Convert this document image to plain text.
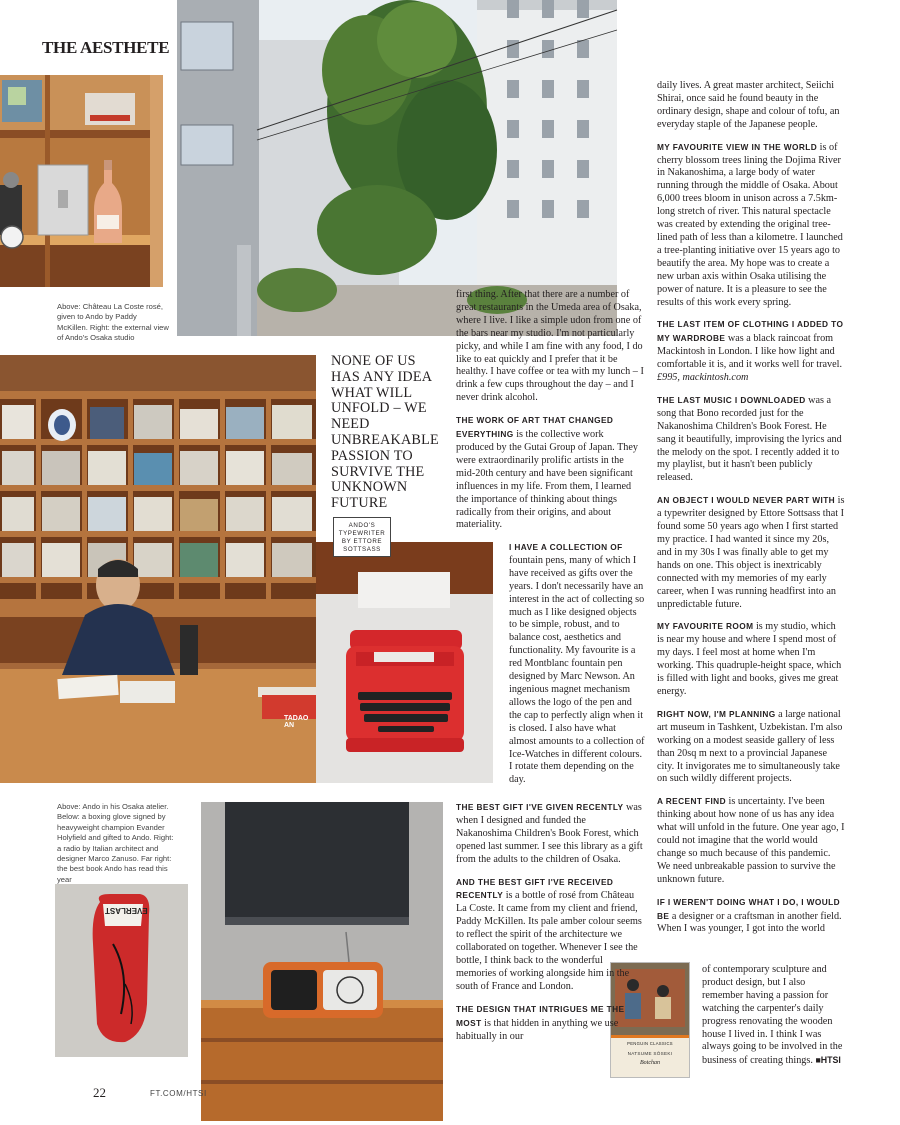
THE AESTHETE
Above: Château La Coste rosé, given to Ando by Paddy McKillen. Right: the external view of Ando's Osaka studio
TADAO AN
NONE OF US HAS ANY IDEA WHAT WILL UNFOLD – WE NEED UNBREAKABLE PASSION TO SURVIVE THE UNKNOWN FUTURE
ANDO'S TYPEWRITER BY ETTORE SOTTSASS
Above: Ando in his Osaka atelier. Below: a boxing glove signed by heavyweight champion Evander Holyfield and gifted to Ando. Right: a radio by Italian architect and designer Marco Zanuso. Far right: the best book Ando has read this year
EVERLAST
PENGUIN CLASSICS
NATSUME SŌSEKI
Botchan

first thing. After that there are a number of great restaurants in the Umeda area of Osaka, where I live. I like a simple udon from one of the bars near my studio. I'm not particularly picky, and while I am fine with any food, I do like to eat quickly and I prefer that it be healthy. I have coffee or tea with my lunch – I drink a few cups throughout the day – and I never drink alcohol.

THE WORK OF ART THAT CHANGED EVERYTHING is the collective work produced by the Gutai Group of Japan. They were extraordinarily prolific artists in the mid-20th century and have been significant influences in my life. From them, I learned the importance of thinking about things radically from their origins, and about materiality.

I HAVE A COLLECTION OF fountain pens, many of which I have received as gifts over the years. I don't necessarily have an interest in the act of collecting so much as I like designed objects to be simple, robust, and to balance cost, aesthetics and functionality. My favourite is a red Montblanc fountain pen designed by Marc Newson. An ingenious magnet mechanism allows the logo of the pen and the cap to perfectly align when it is closed. I also have what almost amounts to a collection of Ice-Watches in different colours. I rotate them depending on the day.

THE BEST GIFT I'VE GIVEN RECENTLY was when I designed and funded the Nakanoshima Children's Book Forest, which opened last summer. I see this library as a gift from the adults to the children of Osaka.

AND THE BEST GIFT I'VE RECEIVED RECENTLY is a bottle of rosé from Château La Coste. It came from my client and friend, Paddy McKillen. Its pale amber colour seems to reflect the spirit of the architecture we collaborated on together. Whenever I see the bottle, I think back to the wonderful memories of working alongside him in the south of France and London.

THE DESIGN THAT INTRIGUES ME THE MOST is that hidden in anything we use habitually in our

daily lives. A great master architect, Seiichi Shirai, once said he found beauty in the ordinary design, shape and colour of tofu, an everyday staple of the Japanese people.

MY FAVOURITE VIEW IN THE WORLD is of cherry blossom trees lining the Dojima River in Nakanoshima, a large body of water running through the middle of Osaka. About 6,000 trees bloom in unison across a 7.5km-long stretch of river. This natural spectacle was created by extending the original tree-lined path of less than a kilometre. I launched a tree-planting initiative over 15 years ago to beautify the area. My hope was to create a new urban axis within Osaka utilising the power of nature. It is a pleasure to see the results of this work every spring.

THE LAST ITEM OF CLOTHING I ADDED TO MY WARDROBE was a black raincoat from Mackintosh in London. I like how light and comfortable it is, and it works well for travel. £995, mackintosh.com

THE LAST MUSIC I DOWNLOADED was a song that Bono recorded just for the Nakanoshima Children's Book Forest. He sang it beautifully, improvising the lyrics and the melody on the spot. I recently added it to my playlist, but it hasn't been publicly released.

AN OBJECT I WOULD NEVER PART WITH is a typewriter designed by Ettore Sottsass that I found some 50 years ago when I first started my practice. I had wanted it since my 20s, and in my 30s I was finally able to get my hands on one. This object is inextricably connected with my memories of my early career, when I was running headfirst into an unpredictable future.

MY FAVOURITE ROOM is my studio, which is near my house and where I spend most of my days. I feel most at home when I'm working. This quadruple-height space, which is filled with light and books, gives me great energy.

RIGHT NOW, I'M PLANNING a large national art museum in Tashkent, Uzbekistan. I'm also working on a modest seaside gallery of less than 20sq m next to a provincial Japanese city. It invigorates me to simultaneously take on such wildly different projects.

A RECENT FIND is uncertainty. I've been thinking about how none of us has any idea what will unfold in the future. One year ago, I could not imagine that the world would change so much because of this pandemic. We need unbreakable passion to survive the unknown future.

IF I WEREN'T DOING WHAT I DO, I WOULD BE a designer or a craftsman in another field. When I was younger, I got into the world

of contemporary sculpture and product design, but I also remember having a passion for watching the carpenter's daily progress renovating the wooden house I lived in. I think I was always going to be involved in the business of creating things. ■HTSI
22	FT.COM/HTSI
